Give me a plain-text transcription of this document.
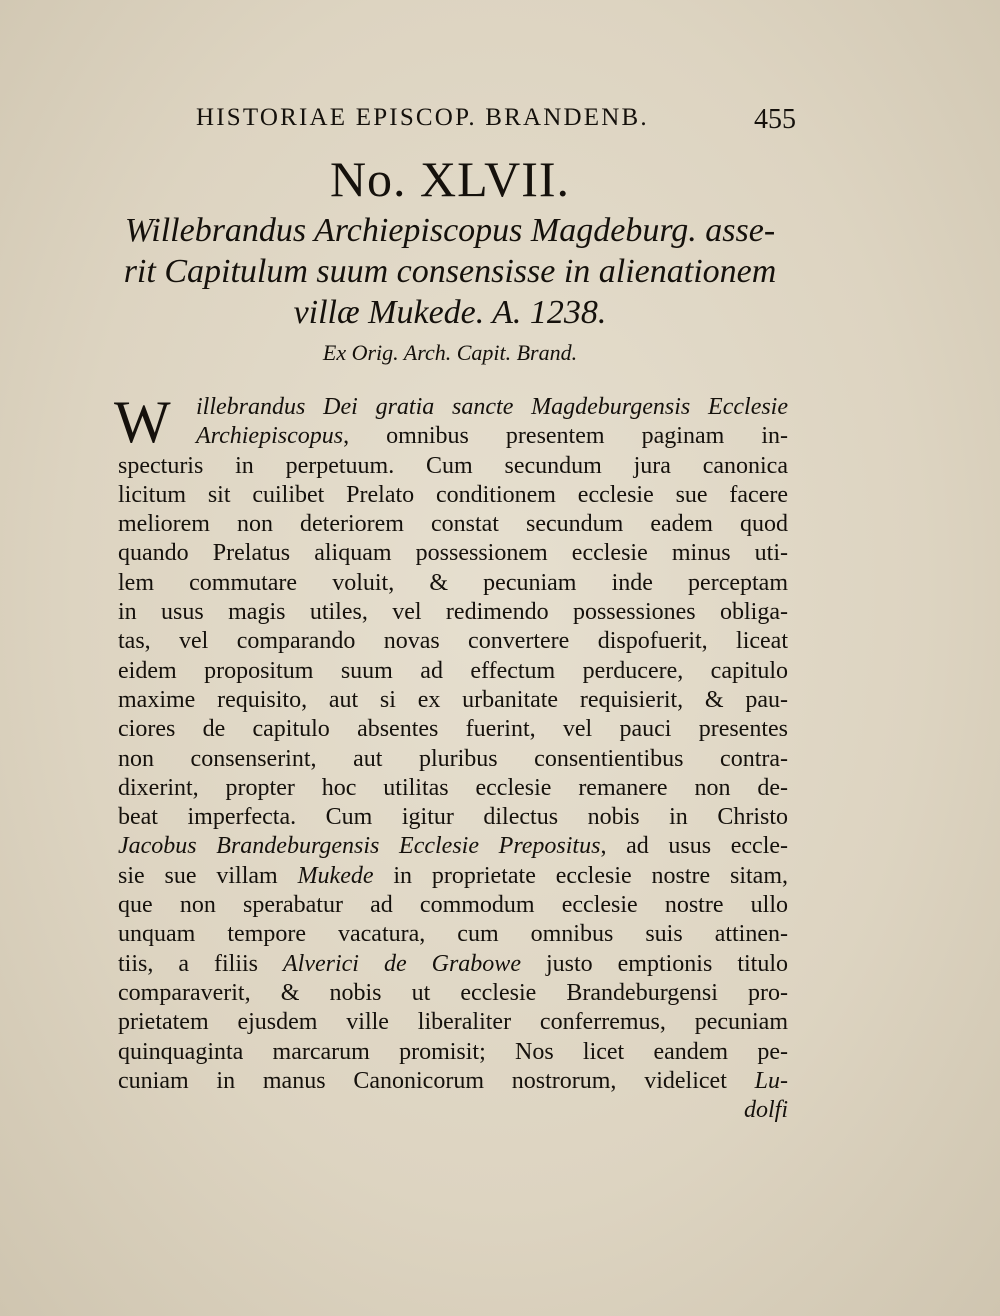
HISTORIAE EPISCOP. BRANDENB.	455
No. XLVII.
Willebrandus Archiepiscopus Magdeburg. asse-
rit Capitulum suum consensisse in alienationem
villæ Mukede. A. 1238.
Ex Orig. Arch. Capit. Brand.
W	illebrandus Dei gratia sancte Magdeburgensis Ecclesie
Archiepiscopus, omnibus presentem paginam in-
specturis in perpetuum. Cum secundum jura canonica
licitum sit cuilibet Prelato conditionem ecclesie sue facere
meliorem non deteriorem constat secundum eadem quod
quando Prelatus aliquam possessionem ecclesie minus uti-
lem commutare voluit, & pecuniam inde perceptam
in usus magis utiles, vel redimendo possessiones obliga-
tas, vel comparando novas convertere dispofuerit, liceat
eidem propositum suum ad effectum perducere, capitulo
maxime requisito, aut si ex urbanitate requisierit, & pau-
ciores de capitulo absentes fuerint, vel pauci presentes
non consenserint, aut pluribus consentientibus contra-
dixerint, propter hoc utilitas ecclesie remanere non de-
beat imperfecta. Cum igitur dilectus nobis in Christo
Jacobus Brandeburgensis Ecclesie Prepositus, ad usus eccle-
sie sue villam Mukede in proprietate ecclesie nostre sitam,
que non sperabatur ad commodum ecclesie nostre ullo
unquam tempore vacatura, cum omnibus suis attinen-
tiis, a filiis Alverici de Grabowe justo emptionis titulo
comparaverit, & nobis ut ecclesie Brandeburgensi pro-
prietatem ejusdem ville liberaliter conferremus, pecuniam
quinquaginta marcarum promisit; Nos licet eandem pe-
cuniam in manus Canonicorum nostrorum, videlicet Lu-
dolfi
